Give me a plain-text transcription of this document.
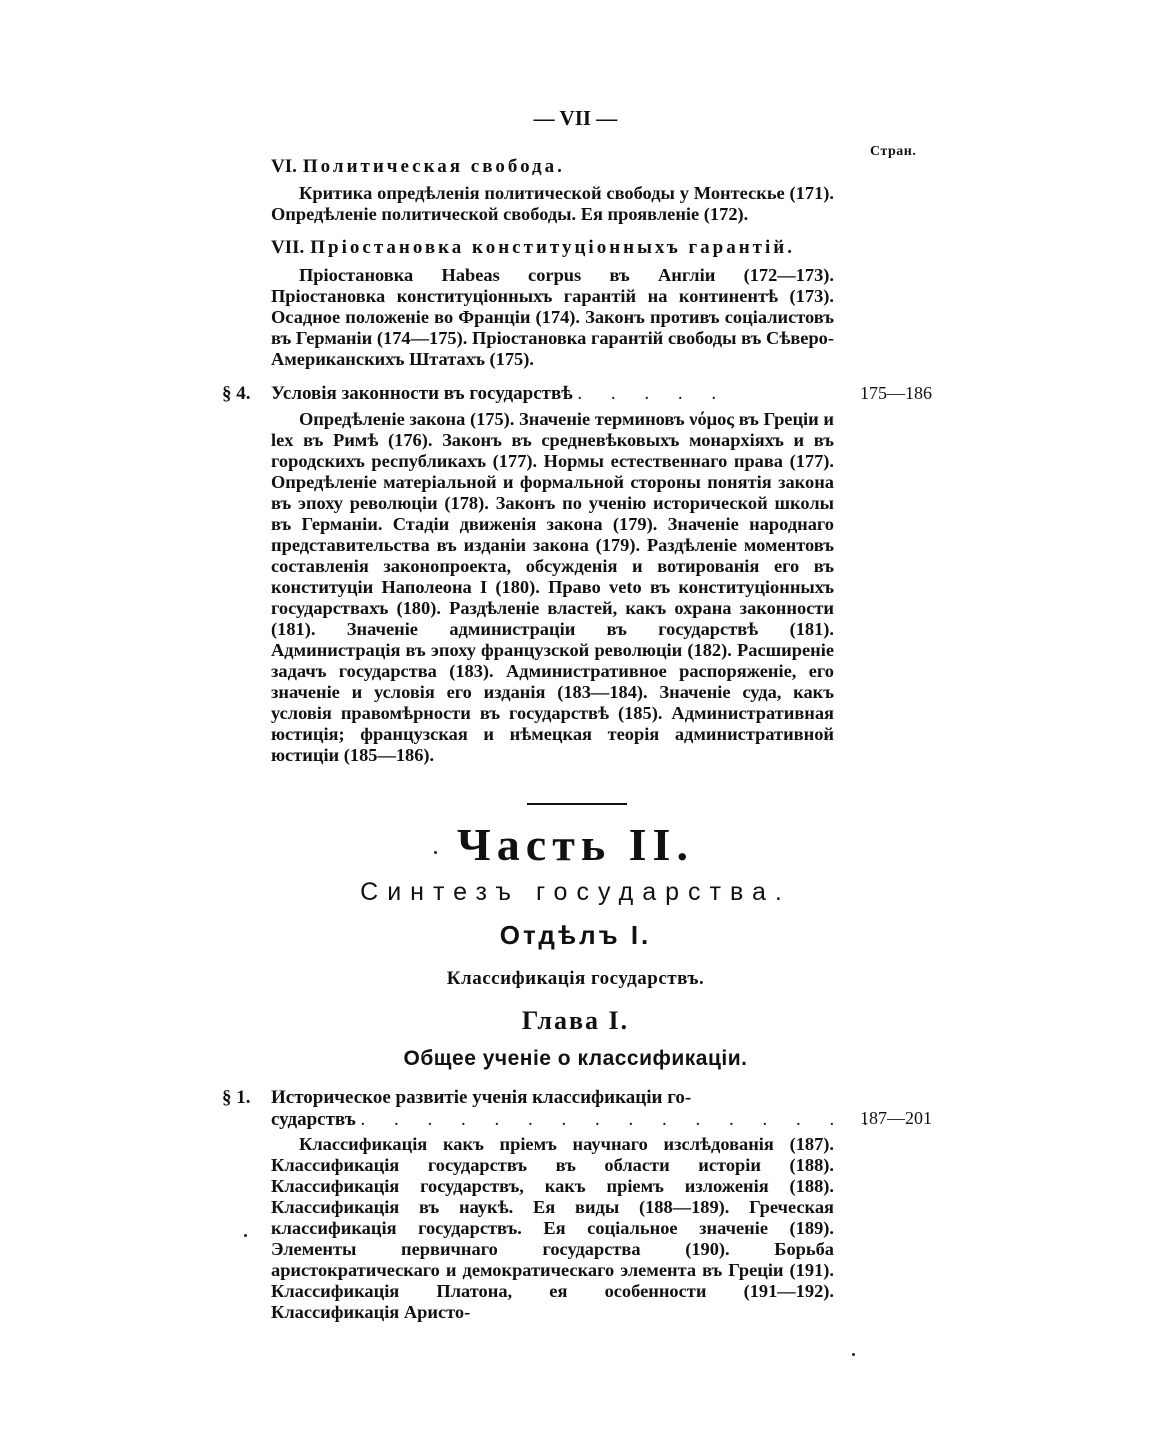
— VII —
Стран.
VI. Политическая свобода.
Критика опредѣленія политической свободы у Монтескье (171). Опредѣленіе политической свободы. Ея проявленіе (172).
VII. Пріостановка конституціонныхъ гарантій.
Пріостановка Habeas corpus въ Англіи (172—173). Пріостановка конституціонныхъ гарантій на континентѣ (173). Осадное положеніе во Франціи (174). Законъ противъ соціалистовъ въ Германіи (174—175). Пріостановка гарантій свободы въ Сѣверо-Американскихъ Штатахъ (175).
§ 4. Условія законности въ государствѣ . . . . .	175—186
Опредѣленіе закона (175). Значеніе терминовъ νόμος въ Греціи и lex въ Римѣ (176). Законъ въ средневѣковыхъ монархіяхъ и въ городскихъ республикахъ (177). Нормы естественнаго права (177). Опредѣленіе матеріальной и формальной стороны понятія закона въ эпоху революціи (178). Законъ по ученію исторической школы въ Германіи. Стадіи движенія закона (179). Значеніе народнаго представительства въ изданіи закона (179). Раздѣленіе моментовъ составленія законопроекта, обсужденія и вотированія его въ конституціи Наполеона I (180). Право veto въ конституціонныхъ государствахъ (180). Раздѣленіе властей, какъ охрана законности (181). Значеніе администраціи въ государствѣ (181). Администрація въ эпоху французской революціи (182). Расширеніе задачъ государства (183). Административное распоряженіе, его значеніе и условія его изданія (183—184). Значеніе суда, какъ условія правомѣрности въ государствѣ (185). Административная юстиція; французская и нѣмецкая теорія административной юстиціи (185—186).
Часть II.
Синтезъ государства.
Отдѣлъ I.
Классификація государствъ.
Глава I.
Общее ученіе о классификаціи.
§ 1. Историческое развитіе ученія классификаціи го-
сударствъ . . . . . . . . . . . . . . . .
187—201
Классификація какъ пріемъ научнаго изслѣдованія (187). Классификація государствъ въ области исторіи (188). Классификація государствъ, какъ пріемъ изложенія (188). Классификація въ наукѣ. Ея виды (188—189). Греческая классификація государствъ. Ея соціальное значеніе (189). Элементы первичнаго государства (190). Борьба аристократическаго и демократическаго элемента въ Греціи (191). Классификація Платона, ея особенности (191—192). Классификація Аристо-
